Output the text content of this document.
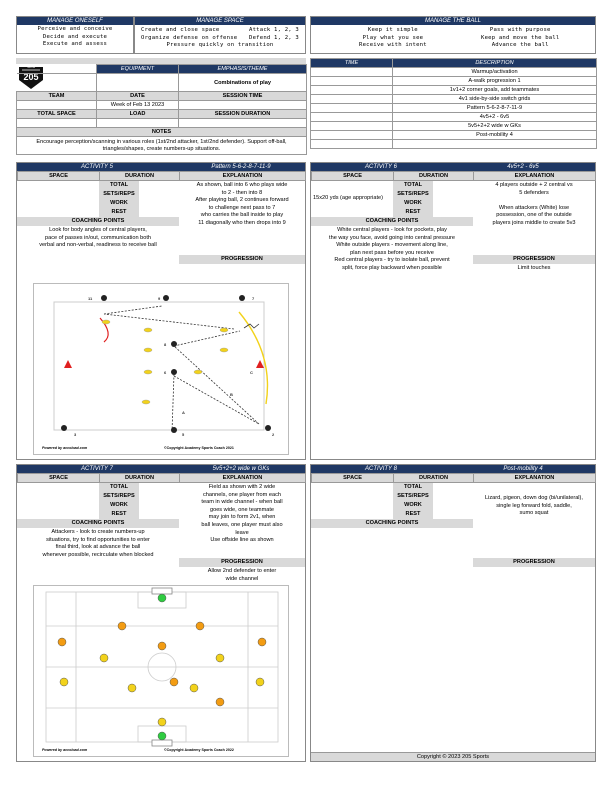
MANAGE ONESELF
Perceive and conceive
Decide and execute
Execute and assess
MANAGE SPACE
Create and close space
Organize defense on offense
Attack 1, 2, 3
Defend 1, 2, 3
Pressure quickly on transition
MANAGE THE BALL
Keep it simple
Play what you see
Receive with intent
Pass with purpose
Keep and move the ball
Advance the ball
205
NorCal
		EQUIPMENT	EMPHASIS/THEME
		Combinations of play
TEAM	DATE	SESSION TIME
	Week of Feb 13 2023	
TOTAL SPACE	LOAD	SESSION DURATION

NOTES		
Encourage perception/scanning in various roles (1st/2nd attacker, 1st/2nd defender). Support off-ball, triangles/shapes, create numbers-up situations.		
TIME	DESCRIPTION
	Warmup/activation
	A-walk progression 1
	1v1+2 corner goals, add teammates
	4v1 side-by-side switch grids
	Pattern 5-6-2-8-7-11-9
	4v5+2 - 6v5
	5v5+2+2 wide w GKs
	Post-mobility 4

ACTIVITY 5	Pattern 5-6-2-8-7-11-9
SPACE	DURATION	EXPLANATION
TOTAL
SETS/REPS
WORK
REST
COACHING POINTS
Look for body angles of central players,
pace of passes in/out, communication both
verbal and non-verbal, readiness to receive ball
As shown, ball into 6 who plays wide
to 2 - then into 8
After playing ball, 2 continues forward
to challenge next pass to 7
who carries the ball inside to play
11 diagonally who then drops into 9
PROGRESSION
11	9	7
8
6	C
B
A
3	5	2
Powered by accoload.com	©Copyright Academy Sports Coach 2021
ACTIVITY 6	4v5+2 - 6v5
SPACE	DURATION	EXPLANATION
15x20 yds (age appropriate)
TOTAL
SETS/REPS
WORK
REST
COACHING POINTS
White central players - look for pockets, play
the way you face, avoid going into central pressure
White outside players - movement along line,
plan next pass before you receive
Red central players - try to isolate ball, prevent
split, force play backward when possible
4 players outside + 2 central vs
5 defenders
When attackers (White) lose
possession, one of the outside
players joins middle to create 5v3
PROGRESSION
Limit touches
ACTIVITY 7	5v5+2+2 wide w GKs
SPACE	DURATION	EXPLANATION
TOTAL
SETS/REPS
WORK
REST
COACHING POINTS
Attackers - look to create numbers-up
situations, try to find opportunities to enter
final third, look at advance the ball
whenever possible, recirculate when blocked
Field as shown with 2 wide
channels, one player from each
team in wide channel - when ball
goes wide, one teammate
may join to form 2v1, when
ball leaves, one player must also
leave
Use offside line as shown
PROGRESSION
Allow 2nd defender to enter
wide channel
Powered by accoload.com	©Copyright Academy Sports Coach 2022
ACTIVITY 8	Post-mobility 4
SPACE	DURATION	EXPLANATION
TOTAL
SETS/REPS
WORK
REST
COACHING POINTS
Lizard, pigeon, down dog (bi/unilateral),
single leg forward fold, saddle,
sumo squat
PROGRESSION
Copyright © 2023 205 Sports
